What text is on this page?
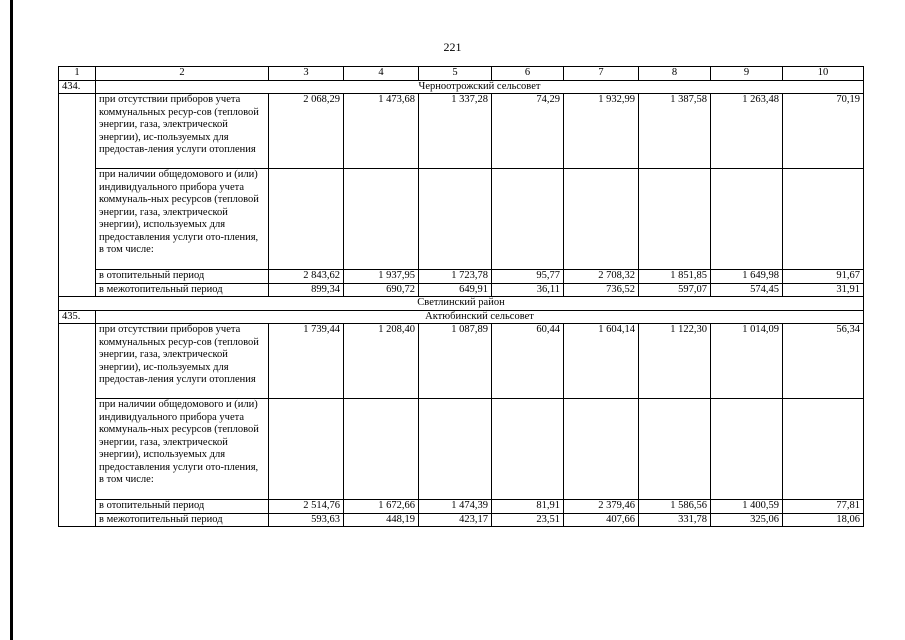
221
1	2	3	4	5	6	7	8	9	10
434.	Черноотрожский сельсовет								
	при отсутствии приборов учета коммунальных ресур-сов (тепловой энергии, газа, электрической энергии), ис-пользуемых для предостав-ления услуги отопления	2 068,29	1 473,68	1 337,28	74,29	1 932,99	1 387,58	1 263,48	70,19
	при наличии общедомового и (или) индивидуального прибора учета коммуналь-ных ресурсов (тепловой энергии, газа, электрической энергии), используемых для предоставления услуги ото-пления, в том числе:								
	в отопительный период	2 843,62	1 937,95	1 723,78	95,77	2 708,32	1 851,85	1 649,98	91,67
	в межотопительный период	899,34	690,72	649,91	36,11	736,52	597,07	574,45	31,91
Светлинский район									
435.	Актюбинский сельсовет								
	при отсутствии приборов учета коммунальных ресур-сов (тепловой энергии, газа, электрической энергии), ис-пользуемых для предостав-ления услуги отопления	1 739,44	1 208,40	1 087,89	60,44	1 604,14	1 122,30	1 014,09	56,34
	при наличии общедомового и (или) индивидуального прибора учета коммуналь-ных ресурсов (тепловой энергии, газа, электрической энергии), используемых для предоставления услуги ото-пления, в том числе:								
	в отопительный период	2 514,76	1 672,66	1 474,39	81,91	2 379,46	1 586,56	1 400,59	77,81
	в межотопительный период	593,63	448,19	423,17	23,51	407,66	331,78	325,06	18,06
